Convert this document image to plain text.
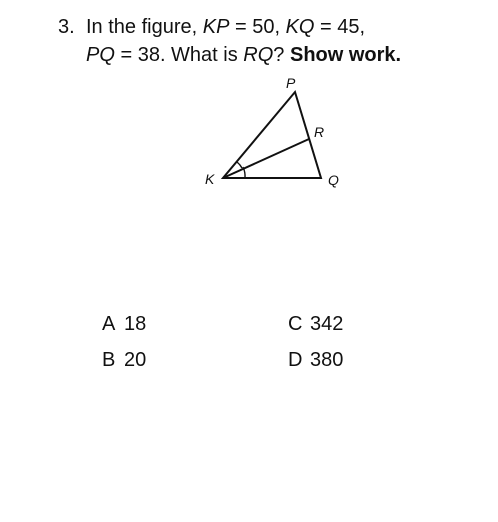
3. In the figure, KP = 50, KQ = 45,
PQ = 38. What is RQ? Show work.
P
R
K	Q
A 18
B 20
C 342
D 380
